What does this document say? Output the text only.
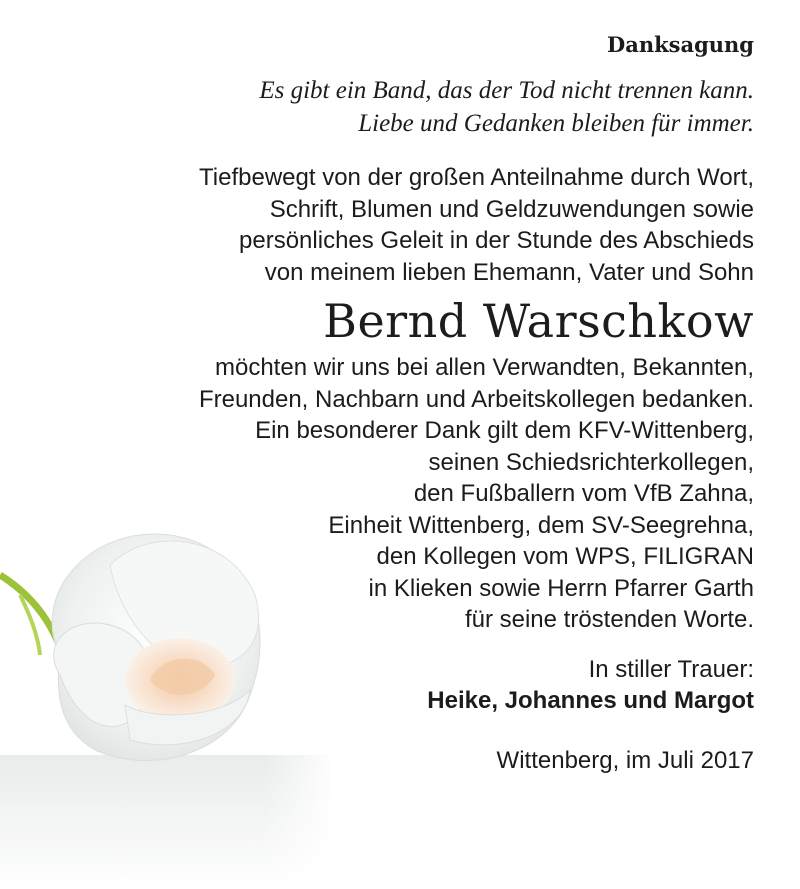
Danksagung
Es gibt ein Band, das der Tod nicht trennen kann.
Liebe und Gedanken bleiben für immer.
Tiefbewegt von der großen Anteilnahme durch Wort,
Schrift, Blumen und Geldzuwendungen sowie
persönliches Geleit in der Stunde des Abschieds
von meinem lieben Ehemann, Vater und Sohn
Bernd Warschkow
möchten wir uns bei allen Verwandten, Bekannten,
Freunden, Nachbarn und Arbeitskollegen bedanken.
Ein besonderer Dank gilt dem KFV-Wittenberg,
seinen Schiedsrichterkollegen,
den Fußballern vom VfB Zahna,
Einheit Wittenberg, dem SV-Seegrehna,
den Kollegen vom WPS, FILIGRAN
in Klieken sowie Herrn Pfarrer Garth
für seine tröstenden Worte.
In stiller Trauer:
Heike, Johannes und Margot
Wittenberg, im Juli 2017
